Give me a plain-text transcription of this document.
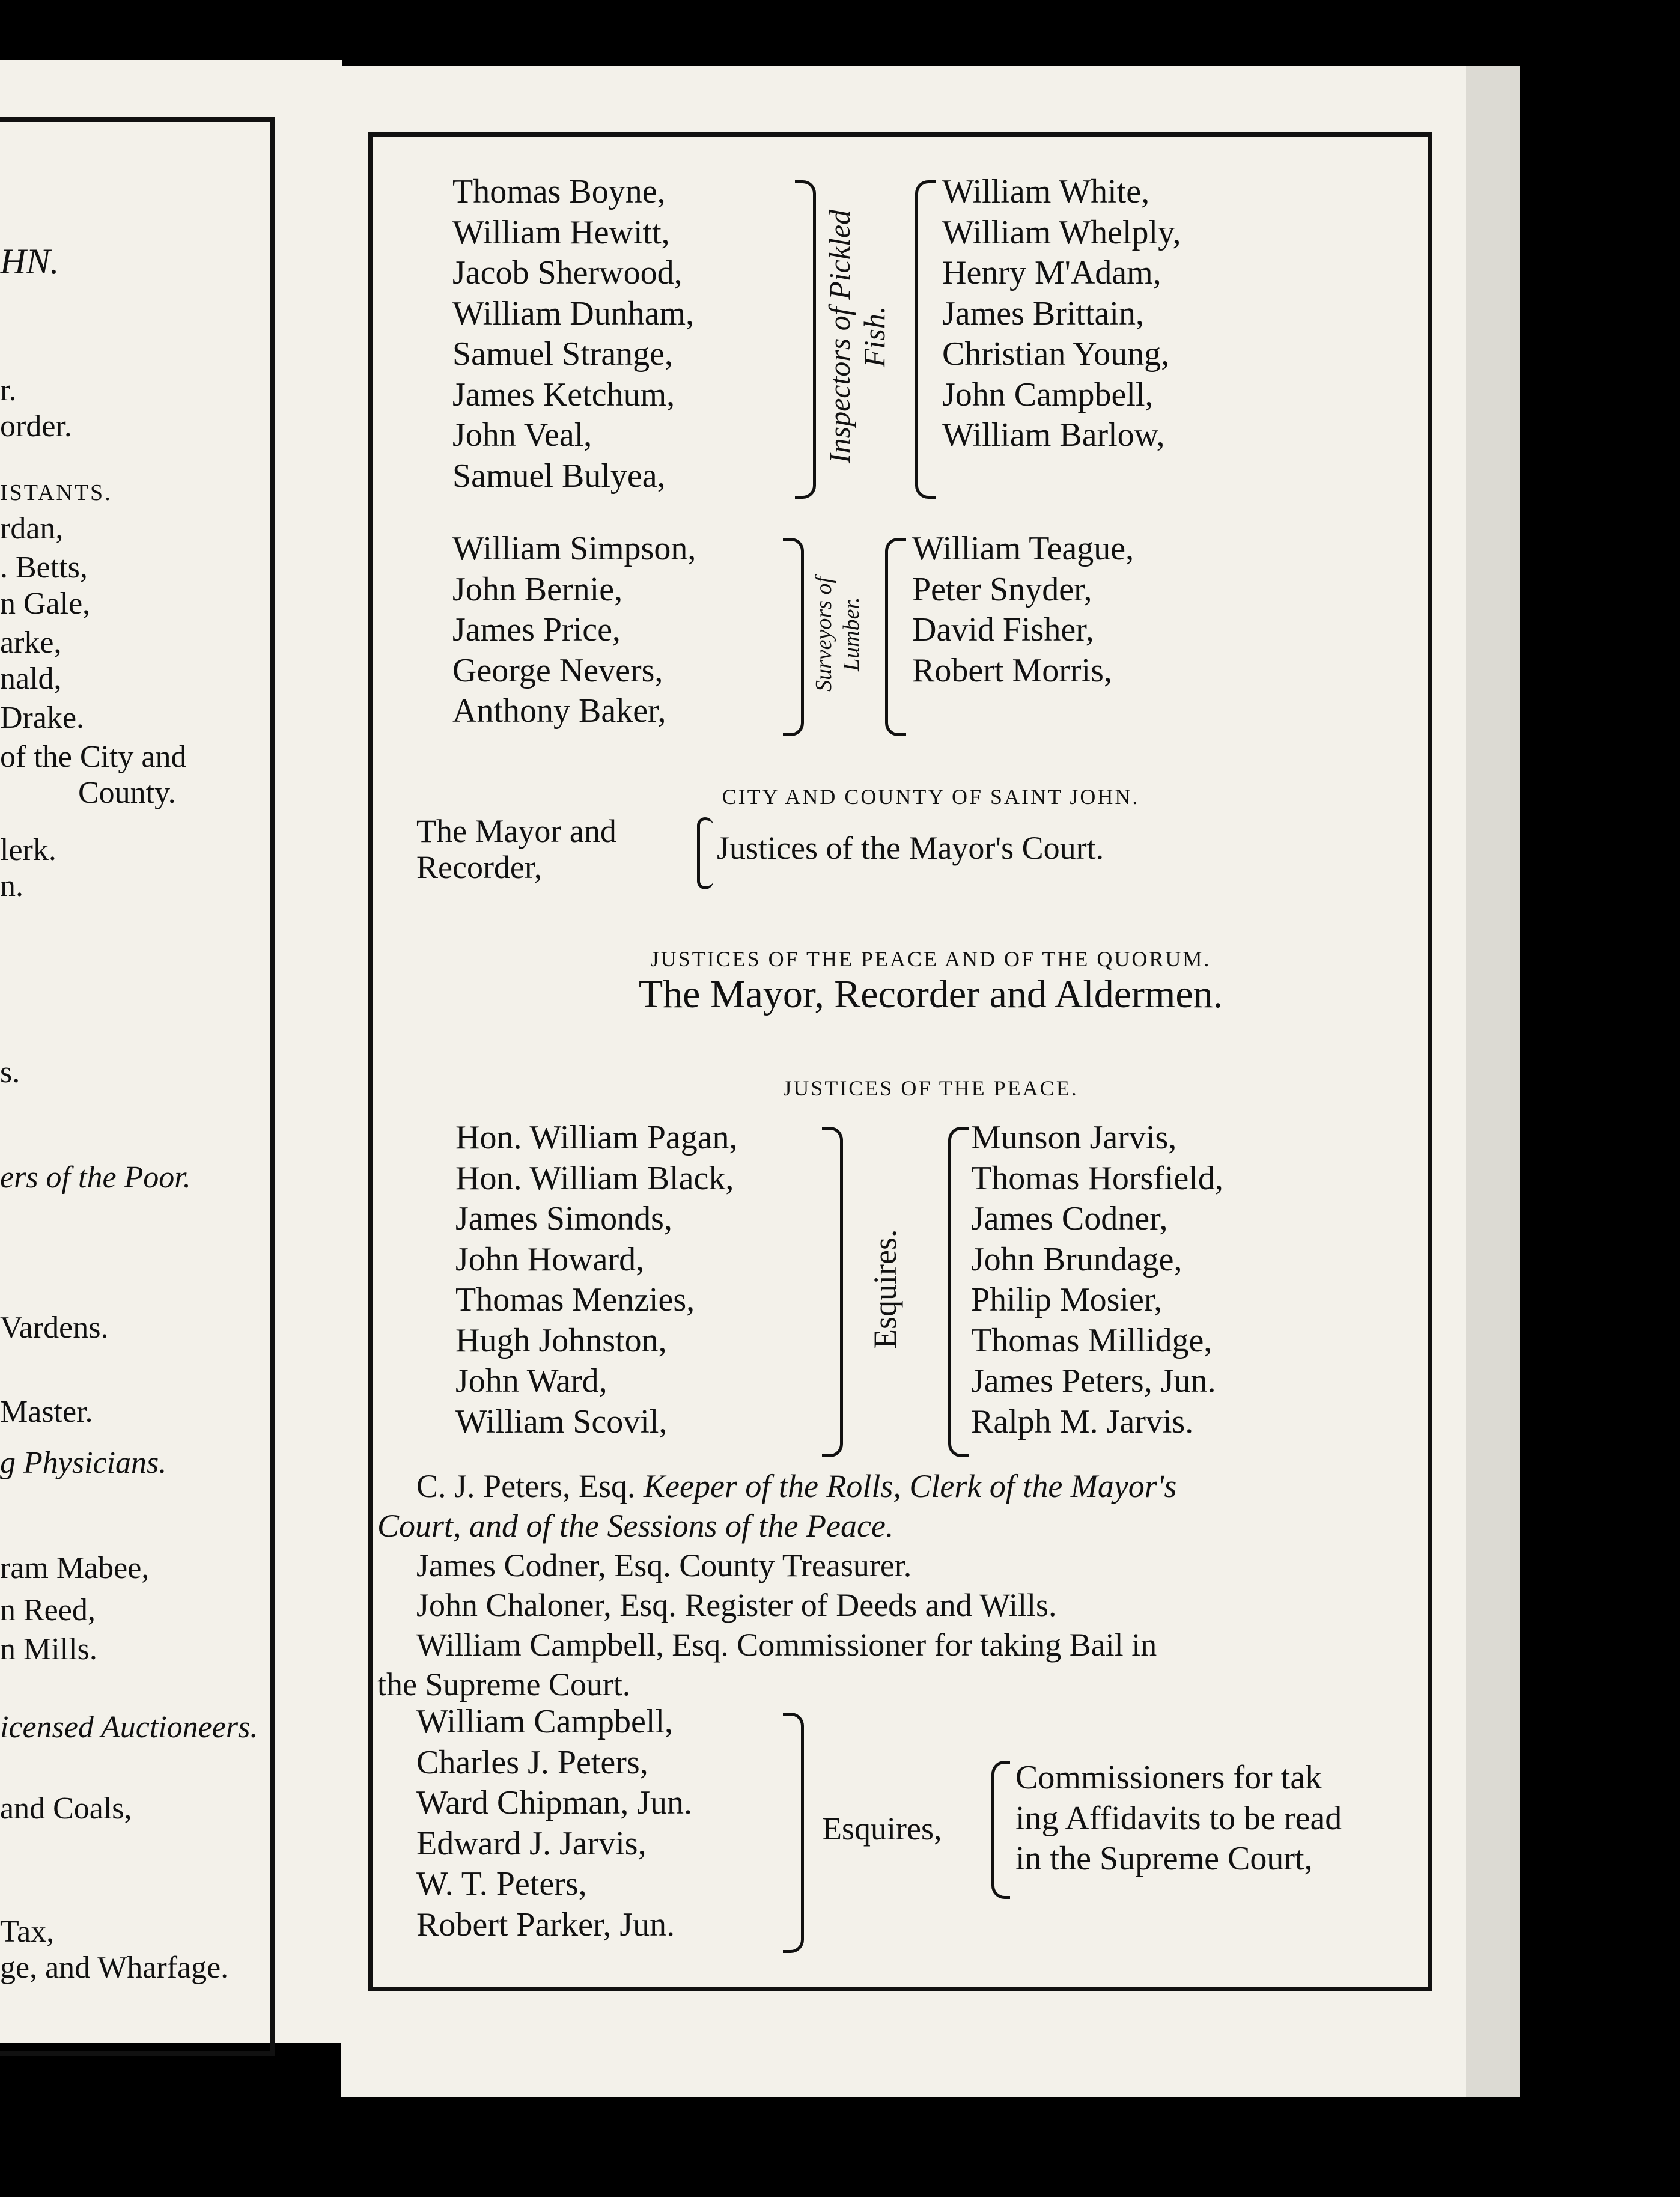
HN.
r.
order.
ISTANTS.
rdan,
. Betts,
n Gale,
arke,
nald,
Drake.
of the City and
County.
lerk.
n.
s.
ers of the Poor.
Vardens.
Master.
g Physicians.
ram Mabee,
n Reed,
n Mills.
icensed Auctioneers.
and Coals,
Tax,
ge, and Wharfage.
Thomas Boyne,
William Hewitt,
Jacob Sherwood,
William Dunham,
Samuel Strange,
James Ketchum,
John Veal,
Samuel Bulyea,
Inspectors of Pickled
Fish.
William White,
William Whelply,
Henry M'Adam,
James Brittain,
Christian Young,
John Campbell,
William Barlow,
William Simpson,
John Bernie,
James Price,
George Nevers,
Anthony Baker,
Surveyors of Lumber.
William Teague,
Peter Snyder,
David Fisher,
Robert Morris,
CITY AND COUNTY OF SAINT JOHN.
The Mayor and
Recorder,
Justices of the Mayor's Court.
JUSTICES OF THE PEACE AND OF THE QUORUM.
The Mayor, Recorder and Aldermen.
JUSTICES OF THE PEACE.
Hon. William Pagan,
Hon. William Black,
James Simonds,
John Howard,
Thomas Menzies,
Hugh Johnston,
John Ward,
William Scovil,
Esquires.
Munson Jarvis,
Thomas Horsfield,
James Codner,
John Brundage,
Philip Mosier,
Thomas Millidge,
James Peters, Jun.
Ralph M. Jarvis.
C. J. Peters, Esq. Keeper of the Rolls, Clerk of the Mayor's
Court, and of the Sessions of the Peace.
James Codner, Esq. County Treasurer.
John Chaloner, Esq. Register of Deeds and Wills.
William Campbell, Esq. Commissioner for taking Bail in
the Supreme Court.
William Campbell,
Charles J. Peters,
Ward Chipman, Jun.
Edward J. Jarvis,
W. T. Peters,
Robert Parker, Jun.
Esquires,
Commissioners for tak
ing Affidavits to be read
in the Supreme Court,
